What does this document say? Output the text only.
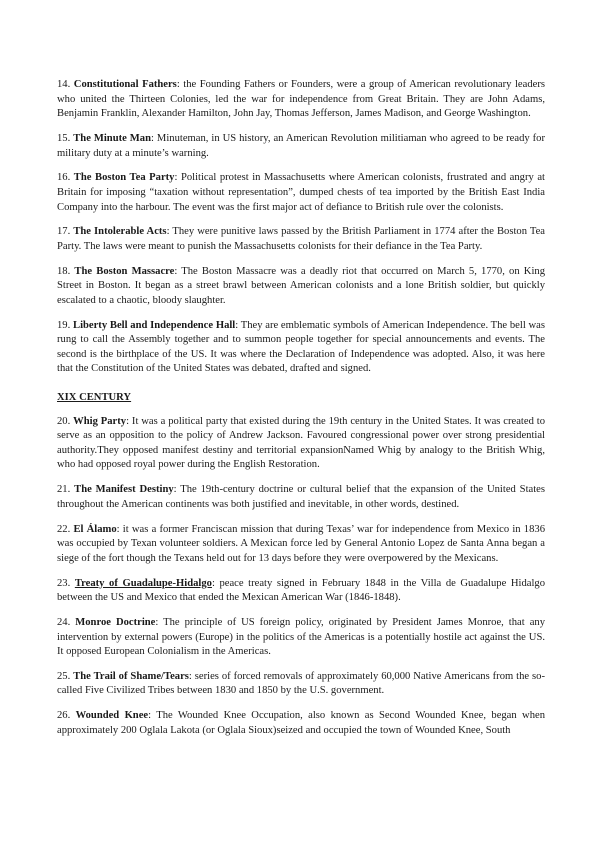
14. Constitutional Fathers: the Founding Fathers or Founders, were a group of American revolutionary leaders who united the Thirteen Colonies, led the war for independence from Great Britain. They are John Adams, Benjamin Franklin, Alexander Hamilton, John Jay, Thomas Jefferson, James Madison, and George Washington.

15. The Minute Man: Minuteman, in US history, an American Revolution militiaman who agreed to be ready for military duty at a minute’s warning.

16. The Boston Tea Party: Political protest in Massachusetts where American colonists, frustrated and angry at Britain for imposing “taxation without representation”, dumped chests of tea imported by the British East India Company into the harbour. The event was the first major act of defiance to British rule over the colonists.

17. The Intolerable Acts: They were punitive laws passed by the British Parliament in 1774 after the Boston Tea Party. The laws were meant to punish the Massachusetts colonists for their defiance in the Tea Party.

18. The Boston Massacre: The Boston Massacre was a deadly riot that occurred on March 5, 1770, on King Street in Boston. It began as a street brawl between American colonists and a lone British soldier, but quickly escalated to a chaotic, bloody slaughter.

19. Liberty Bell and Independence Hall: They are emblematic symbols of American Independence. The bell was rung to call the Assembly together and to summon people together for special announcements and events. The second is the birthplace of the US. It was where the Declaration of Independence was adopted. Also, it was here that the Constitution of the United States was debated, drafted and signed.

XIX CENTURY

20. Whig Party: It was a political party that existed during the 19th century in the United States. It was created to serve as an opposition to the policy of Andrew Jackson. Favoured congressional power over strong presidential authority.They opposed manifest destiny and territorial expansionNamed Whig by analogy to the British Whig, who had opposed royal power during the English Restoration.

21. The Manifest Destiny: The 19th-century doctrine or cultural belief that the expansion of the United States throughout the American continents was both justified and inevitable, in other words, destined.

22. El Álamo: it was a former Franciscan mission that during Texas’ war for independence from Mexico in 1836 was occupied by Texan volunteer soldiers. A Mexican force led by General Antonio Lopez de Santa Anna began a siege of the fort though the Texans held out for 13 days before they were overpowered by the Mexicans.

23. Treaty of Guadalupe-Hidalgo: peace treaty signed in February 1848 in the Villa de Guadalupe Hidalgo between the US and Mexico that ended the Mexican American War (1846-1848).

24. Monroe Doctrine: The principle of US foreign policy, originated by President James Monroe, that any intervention by external powers (Europe) in the politics of the Americas is a potentially hostile act against the US. It opposed European Colonialism in the Americas.

25. The Trail of Shame/Tears: series of forced removals of approximately 60,000 Native Americans from the so-called Five Civilized Tribes between 1830 and 1850 by the U.S. government.

26. Wounded Knee: The Wounded Knee Occupation, also known as Second Wounded Knee, began when approximately 200 Oglala Lakota (or Oglala Sioux)seized and occupied the town of Wounded Knee, South
